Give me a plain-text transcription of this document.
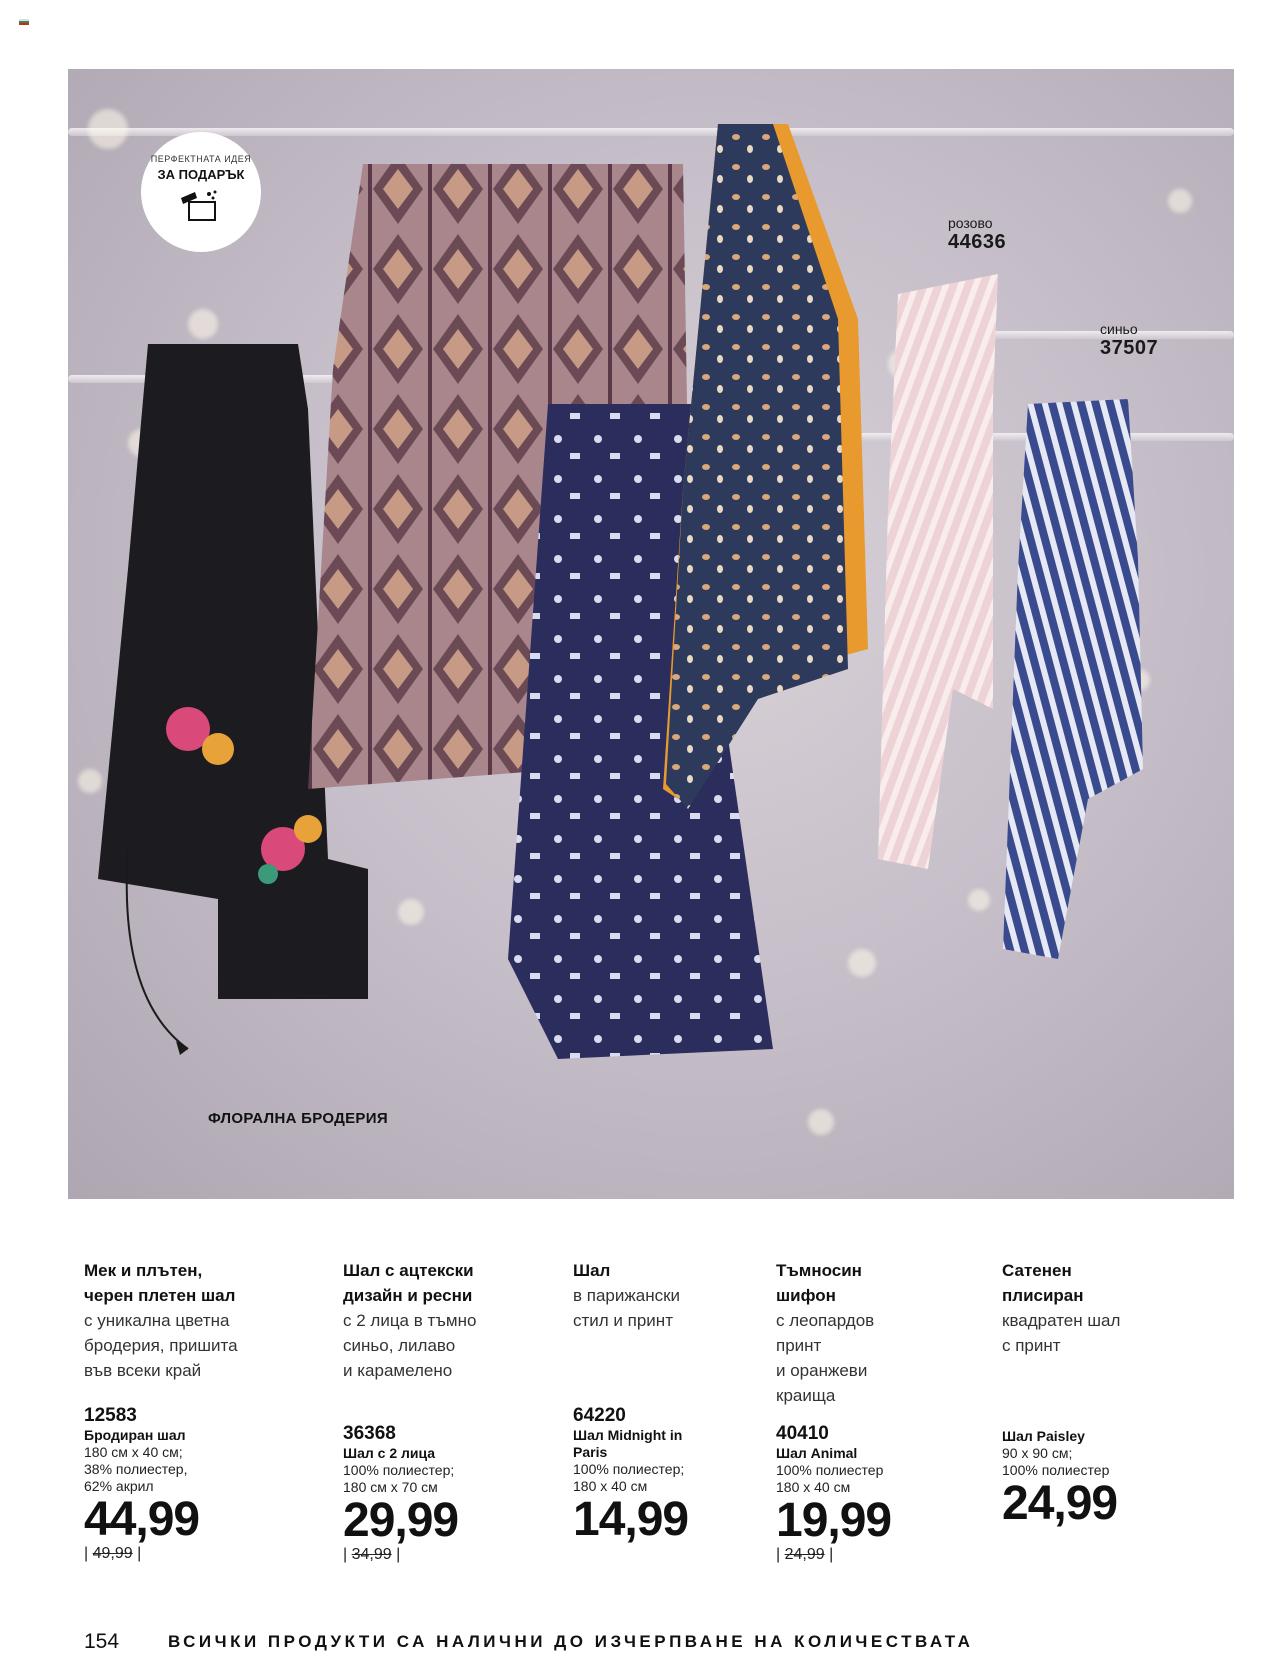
ПЕРФЕКТНАТА ИДЕЯ
ЗА ПОДАРЪК
розово
44636
синьо
37507
ФЛОРАЛНА БРОДЕРИЯ
Мек и плътен,
черен плетен шал
с уникална цветна
бродерия, пришита
във всеки край
12583
Бродиран шал
180 см х 40 см;
38% полиестер,
62% акрил
44,99
| 49,99 |
Шал с ацтекски
дизайн и ресни
с 2 лица в тъмно
синьо, лилаво
и карамелено
36368
Шал с 2 лица
100% полиестер;
180 см х 70 см
29,99
| 34,99 |
Шал
в парижански
стил и принт
64220
Шал Midnight in
Paris
100% полиестер;
180 х 40 см
14,99
Тъмносин
шифон
с леопардов
принт
и оранжеви
краища
40410
Шал Animal
100% полиестер
180 х 40 см
19,99
| 24,99 |
Сатенен
плисиран
квадратен шал
с принт
Шал Paisley
90 х 90 см;
100% полиестер
24,99
154	ВСИЧКИ ПРОДУКТИ СА НАЛИЧНИ ДО ИЗЧЕРПВАНЕ НА КОЛИЧЕСТВАТА
